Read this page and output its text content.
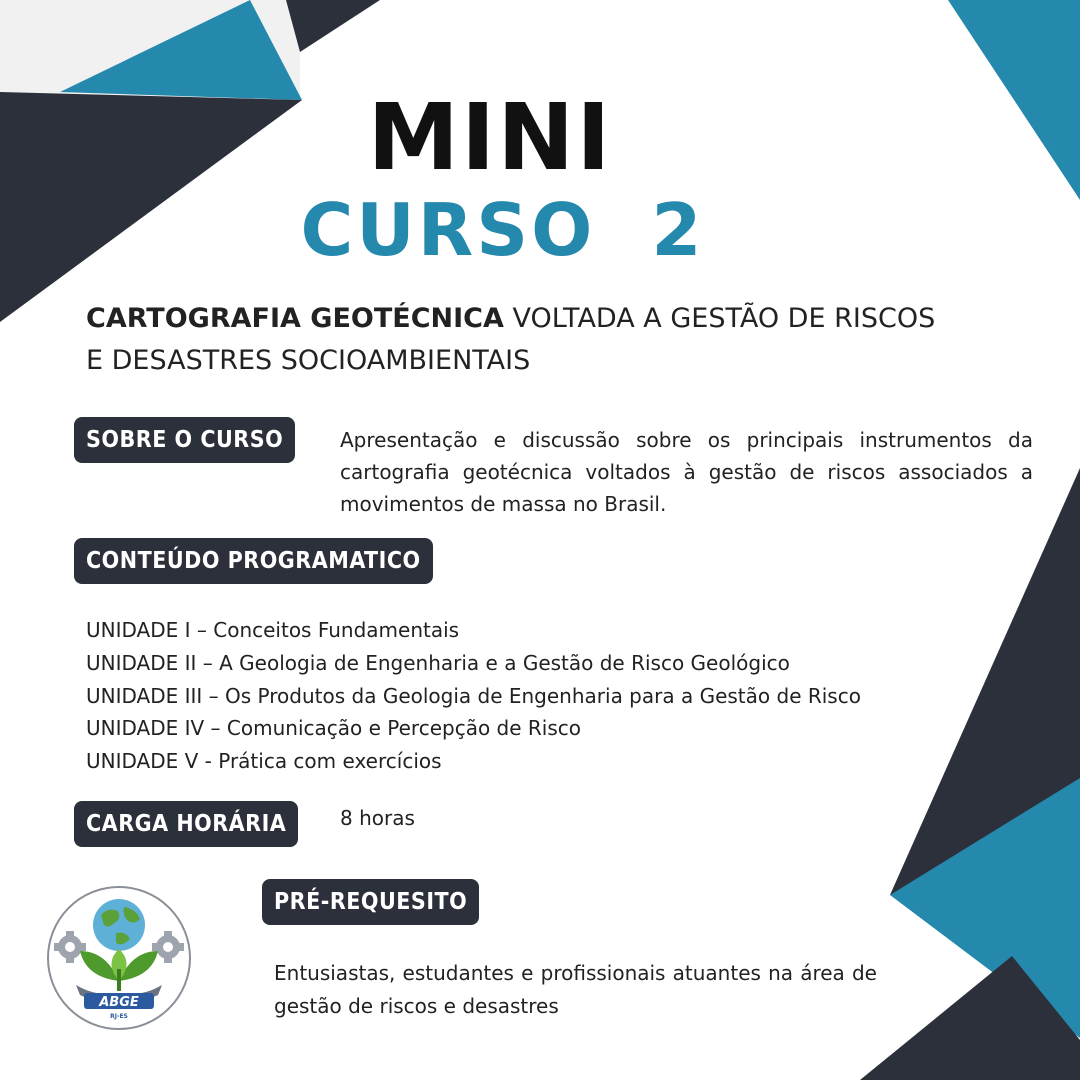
MINI
CURSO  2
CARTOGRAFIA GEOTÉCNICA VOLTADA A GESTÃO DE RISCOS
E DESASTRES SOCIOAMBIENTAIS
SOBRE O CURSO	Apresentação e discussão sobre os principais instrumentos da cartografia geotécnica voltados à gestão de riscos associados a movimentos de massa no Brasil.
CONTEÚDO PROGRAMATICO
UNIDADE I – Conceitos Fundamentais
UNIDADE II – A Geologia de Engenharia e a Gestão de Risco Geológico
UNIDADE III – Os Produtos da Geologia de Engenharia para a Gestão de Risco
UNIDADE IV – Comunicação e Percepção de Risco
UNIDADE V - Prática com exercícios
CARGA HORÁRIA	8 horas
PRÉ-REQUESITO
Entusiastas, estudantes e profissionais atuantes na área de gestão de riscos e desastres
ABGE
RJ-ES
